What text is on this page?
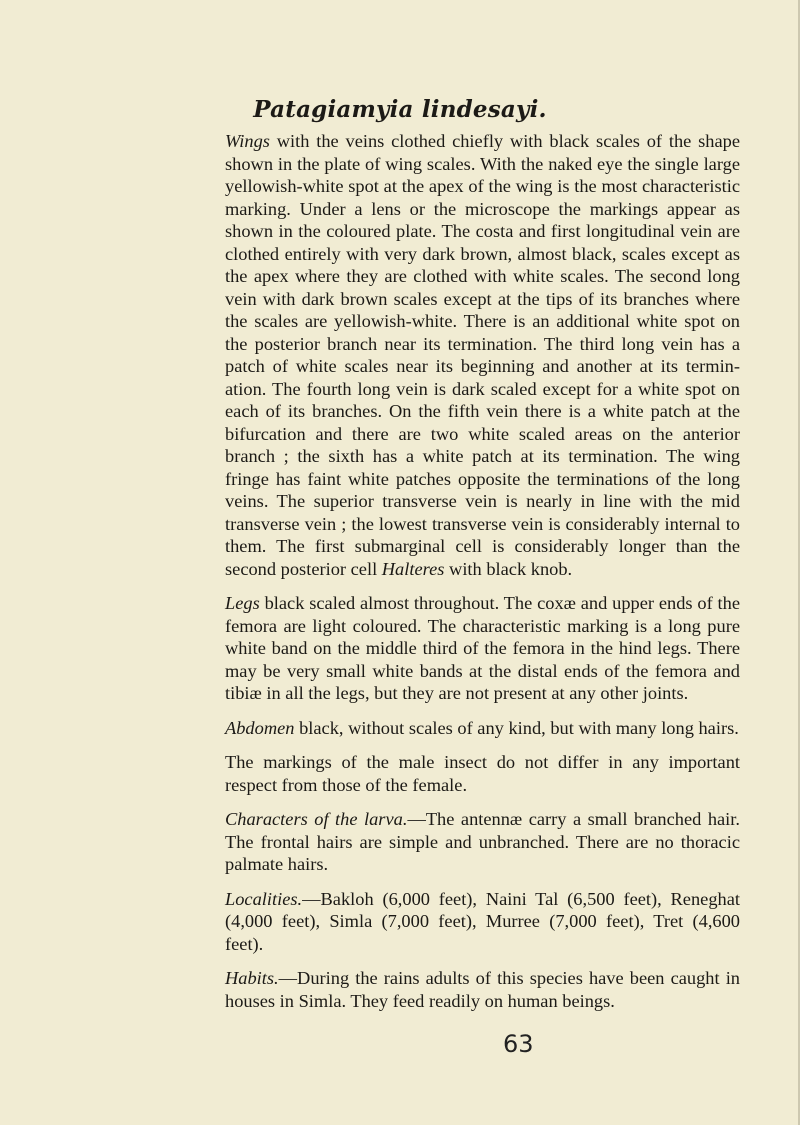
Patagiamyia lindesayi.

Wings with the veins clothed chiefly with black scales of the shape shown in the plate of wing scales. With the naked eye the single large yellowish-white spot at the apex of the wing is the most characteristic marking. Under a lens or the microscope the markings appear as shown in the coloured plate. The costa and first longitudinal vein are clothed entirely with very dark brown, almost black, scales except as the apex where they are clothed with white scales. The second long vein with dark brown scales except at the tips of its branches where the scales are yellowish-white. There is an additional white spot on the posterior branch near its termination. The third long vein has a patch of white scales near its beginning and another at its termin-ation. The fourth long vein is dark scaled except for a white spot on each of its branches. On the fifth vein there is a white patch at the bifurcation and there are two white scaled areas on the anterior branch ; the sixth has a white patch at its termination. The wing fringe has faint white patches opposite the terminations of the long veins. The superior transverse vein is nearly in line with the mid transverse vein ; the lowest transverse vein is considerably internal to them. The first submarginal cell is considerably longer than the second posterior cell Halteres with black knob.

Legs black scaled almost throughout. The coxæ and upper ends of the femora are light coloured. The characteristic marking is a long pure white band on the middle third of the femora in the hind legs. There may be very small white bands at the distal ends of the femora and tibiæ in all the legs, but they are not present at any other joints.

Abdomen black, without scales of any kind, but with many long hairs.

The markings of the male insect do not differ in any important respect from those of the female.

Characters of the larva.—The antennæ carry a small branched hair. The frontal hairs are simple and unbranched. There are no thoracic palmate hairs.

Localities.—Bakloh (6,000 feet), Naini Tal (6,500 feet), Reneghat (4,000 feet), Simla (7,000 feet), Murree (7,000 feet), Tret (4,600 feet).

Habits.—During the rains adults of this species have been caught in houses in Simla. They feed readily on human beings.

63
